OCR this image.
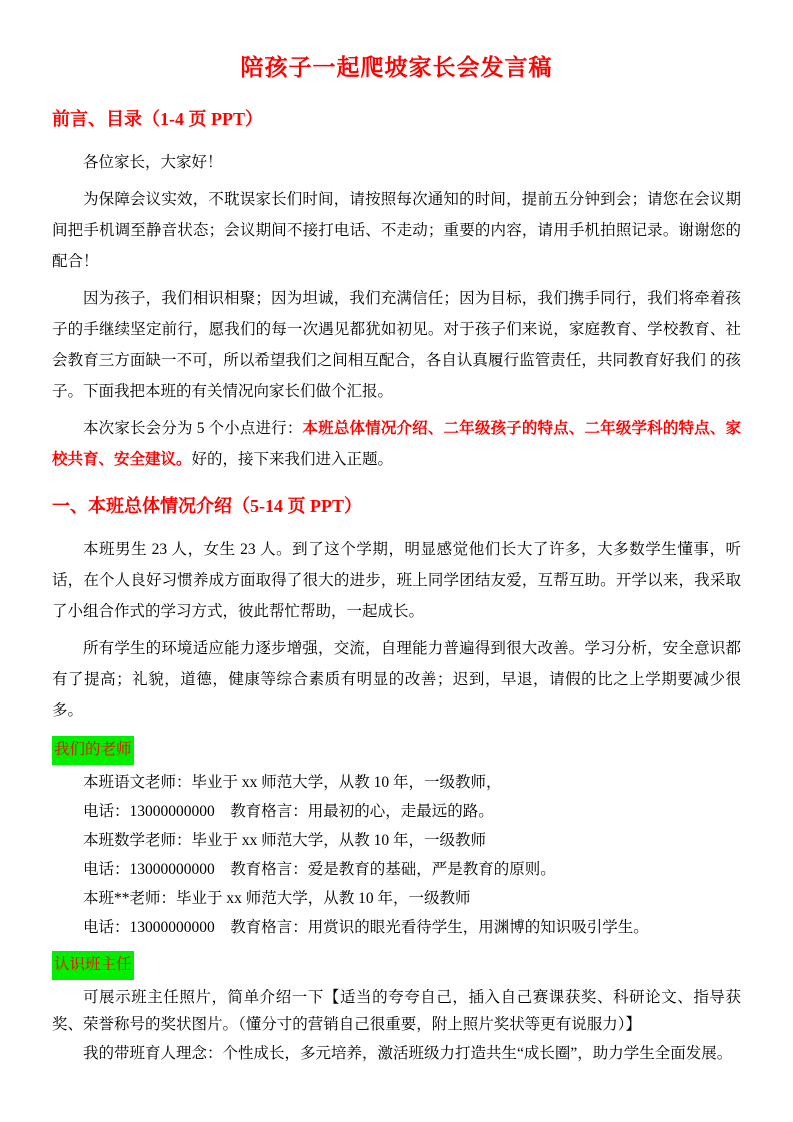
陪孩子一起爬坡家长会发言稿
前言、目录（1-4 页 PPT）

各位家长，大家好！

为保障会议实效，不耽误家长们时间，请按照每次通知的时间，提前五分钟到会；请您在会议期间把手机调至静音状态；会议期间不接打电话、不走动；重要的内容，请用手机拍照记录。谢谢您的配合！

因为孩子，我们相识相聚；因为坦诚，我们充满信任；因为目标，我们携手同行，我们将牵着孩子的手继续坚定前行，愿我们的每一次遇见都犹如初见。对于孩子们来说，家庭教育、学校教育、社会教育三方面缺一不可，所以希望我们之间相互配合，各自认真履行监管责任，共同教育好我们 的孩子。下面我把本班的有关情况向家长们做个汇报。

本次家长会分为 5 个小点进行：本班总体情况介绍、二年级孩子的特点、二年级学科的特点、家校共育、安全建议。好的，接下来我们进入正题。

一、本班总体情况介绍（5-14 页 PPT）

本班男生 23 人，女生 23 人。到了这个学期，明显感觉他们长大了许多，大多数学生懂事，听话，在个人良好习惯养成方面取得了很大的进步，班上同学团结友爱，互帮互助。开学以来，我采取了小组合作式的学习方式，彼此帮忙帮助，一起成长。

所有学生的环境适应能力逐步增强，交流，自理能力普遍得到很大改善。学习分析，安全意识都有了提高；礼貌，道德，健康等综合素质有明显的改善；迟到，早退，请假的比之上学期要减少很多。

我们的老师

本班语文老师：毕业于 xx 师范大学，从教 10 年，一级教师，

电话：13000000000　教育格言：用最初的心，走最远的路。

本班数学老师：毕业于 xx 师范大学，从教 10 年，一级教师

电话：13000000000　教育格言：爱是教育的基础，严是教育的原则。

本班**老师：毕业于 xx 师范大学，从教 10 年，一级教师

电话：13000000000　教育格言：用赏识的眼光看待学生，用渊博的知识吸引学生。

认识班主任

可展示班主任照片，简单介绍一下【适当的夸夸自己，插入自己赛课获奖、科研论文、指导获奖、荣誉称号的奖状图片。（懂分寸的营销自己很重要，附上照片奖状等更有说服力）】

我的带班育人理念：个性成长，多元培养，激活班级力打造共生“成长圈”，助力学生全面发展。
